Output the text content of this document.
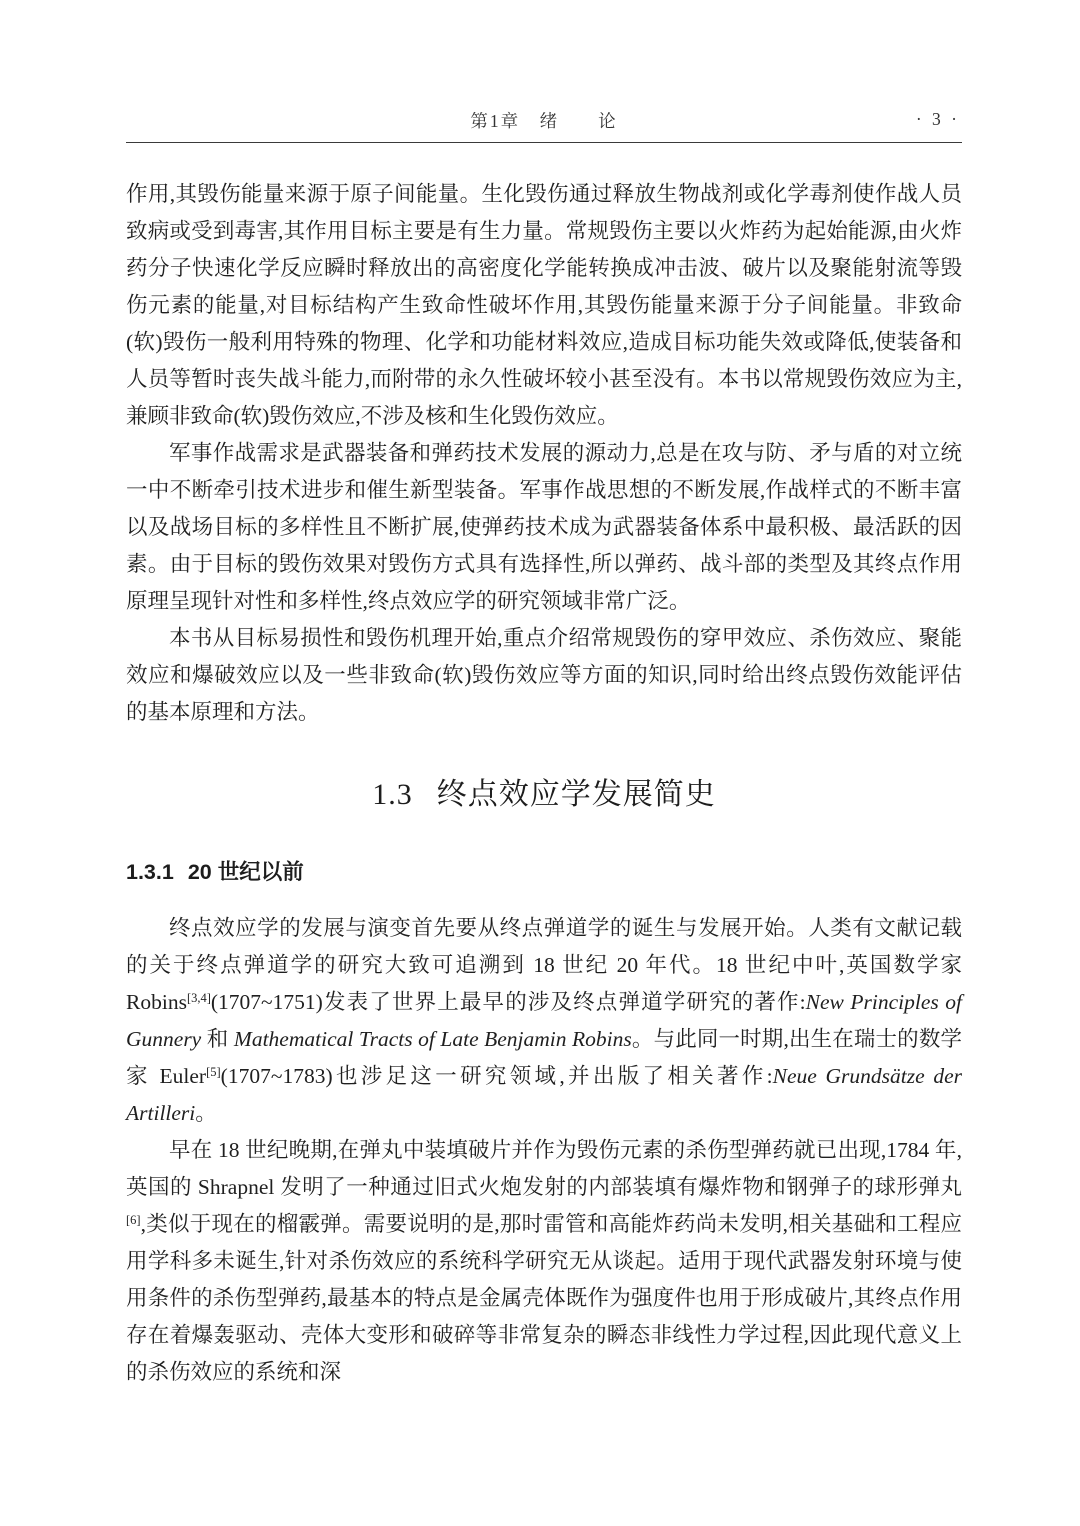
第1章　绪　　论	· 3 ·

作用,其毁伤能量来源于原子间能量。生化毁伤通过释放生物战剂或化学毒剂使作战人员致病或受到毒害,其作用目标主要是有生力量。常规毁伤主要以火炸药为起始能源,由火炸药分子快速化学反应瞬时释放出的高密度化学能转换成冲击波、破片以及聚能射流等毁伤元素的能量,对目标结构产生致命性破坏作用,其毁伤能量来源于分子间能量。非致命(软)毁伤一般利用特殊的物理、化学和功能材料效应,造成目标功能失效或降低,使装备和人员等暂时丧失战斗能力,而附带的永久性破坏较小甚至没有。本书以常规毁伤效应为主,兼顾非致命(软)毁伤效应,不涉及核和生化毁伤效应。

军事作战需求是武器装备和弹药技术发展的源动力,总是在攻与防、矛与盾的对立统一中不断牵引技术进步和催生新型装备。军事作战思想的不断发展,作战样式的不断丰富以及战场目标的多样性且不断扩展,使弹药技术成为武器装备体系中最积极、最活跃的因素。由于目标的毁伤效果对毁伤方式具有选择性,所以弹药、战斗部的类型及其终点作用原理呈现针对性和多样性,终点效应学的研究领域非常广泛。

本书从目标易损性和毁伤机理开始,重点介绍常规毁伤的穿甲效应、杀伤效应、聚能效应和爆破效应以及一些非致命(软)毁伤效应等方面的知识,同时给出终点毁伤效能评估的基本原理和方法。

1.3 终点效应学发展简史
1.3.1 20 世纪以前

终点效应学的发展与演变首先要从终点弹道学的诞生与发展开始。人类有文献记载的关于终点弹道学的研究大致可追溯到 18 世纪 20 年代。18 世纪中叶,英国数学家 Robins[3,4](1707~1751)发表了世界上最早的涉及终点弹道学研究的著作:New Principles of Gunnery 和 Mathematical Tracts of Late Benjamin Robins。与此同一时期,出生在瑞士的数学家 Euler[5](1707~1783)也涉足这一研究领域,并出版了相关著作:Neue Grundsätze der Artilleri。

早在 18 世纪晚期,在弹丸中装填破片并作为毁伤元素的杀伤型弹药就已出现,1784 年,英国的 Shrapnel 发明了一种通过旧式火炮发射的内部装填有爆炸物和钢弹子的球形弹丸[6],类似于现在的榴霰弹。需要说明的是,那时雷管和高能炸药尚未发明,相关基础和工程应用学科多未诞生,针对杀伤效应的系统科学研究无从谈起。适用于现代武器发射环境与使用条件的杀伤型弹药,最基本的特点是金属壳体既作为强度件也用于形成破片,其终点作用存在着爆轰驱动、壳体大变形和破碎等非常复杂的瞬态非线性力学过程,因此现代意义上的杀伤效应的系统和深
